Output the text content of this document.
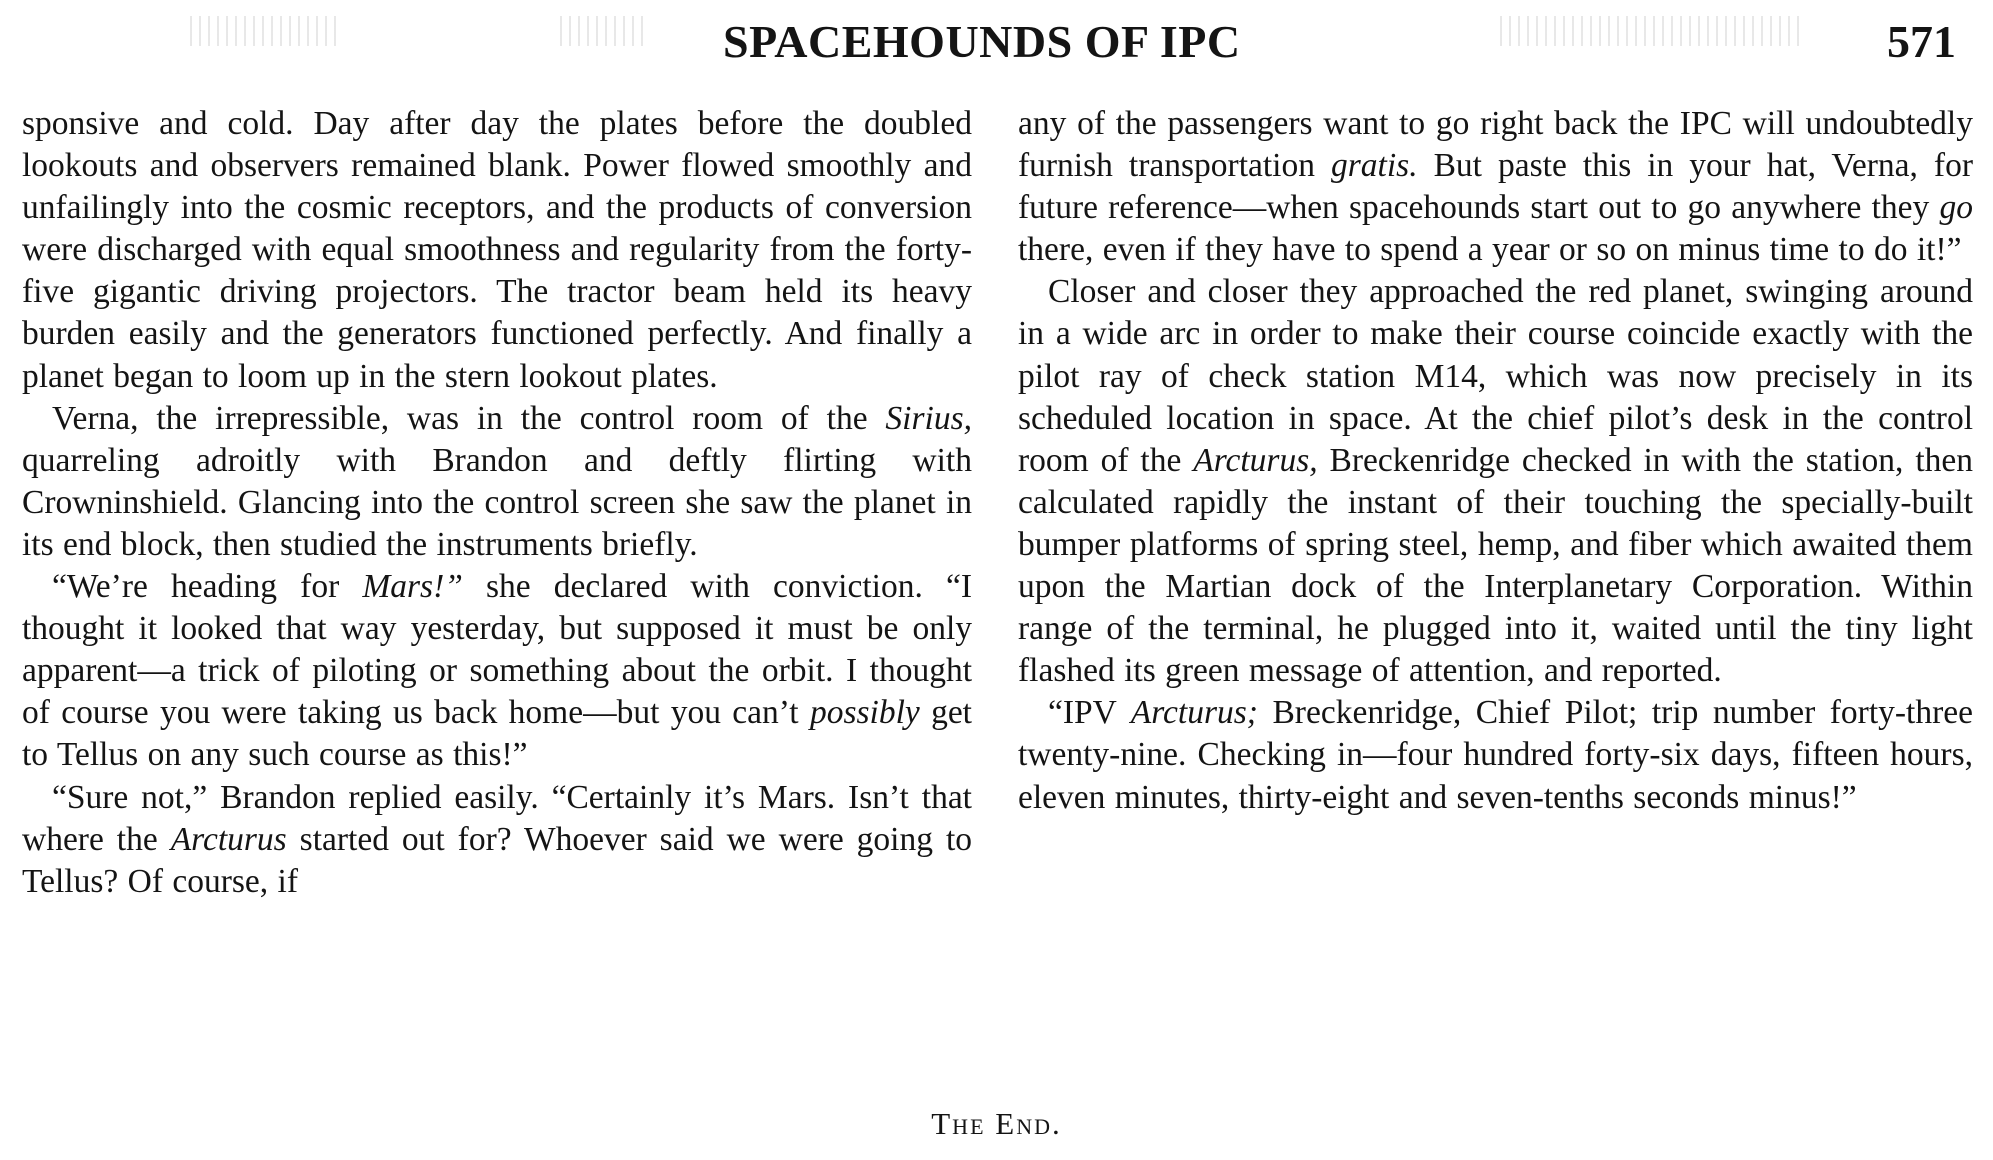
SPACEHOUNDS OF IPC	571

sponsive and cold. Day after day the plates before the doubled lookouts and observers remained blank. Power flowed smoothly and unfailingly into the cosmic receptors, and the products of conversion were discharged with equal smoothness and regularity from the forty-five gigantic driving projectors. The tractor beam held its heavy burden easily and the generators functioned perfectly. And finally a planet began to loom up in the stern lookout plates.

Verna, the irrepressible, was in the control room of the Sirius, quarreling adroitly with Brandon and deftly flirting with Crowninshield. Glancing into the control screen she saw the planet in its end block, then studied the instruments briefly.

“We’re heading for Mars!” she declared with conviction. “I thought it looked that way yesterday, but supposed it must be only apparent—a trick of piloting or something about the orbit. I thought of course you were taking us back home—but you can’t possibly get to Tellus on any such course as this!”

“Sure not,” Brandon replied easily. “Certainly it’s Mars. Isn’t that where the Arcturus started out for? Whoever said we were going to Tellus? Of course, if

any of the passengers want to go right back the IPC will undoubtedly furnish transportation gratis. But paste this in your hat, Verna, for future reference—when spacehounds start out to go anywhere they go there, even if they have to spend a year or so on minus time to do it!”

Closer and closer they approached the red planet, swinging around in a wide arc in order to make their course coincide exactly with the pilot ray of check station M14, which was now precisely in its scheduled location in space. At the chief pilot’s desk in the control room of the Arcturus, Breckenridge checked in with the station, then calculated rapidly the instant of their touching the specially-built bumper platforms of spring steel, hemp, and fiber which awaited them upon the Martian dock of the Interplanetary Corporation. Within range of the terminal, he plugged into it, waited until the tiny light flashed its green message of attention, and reported.

“IPV Arcturus; Breckenridge, Chief Pilot; trip number forty-three twenty-nine. Checking in—four hundred forty-six days, fifteen hours, eleven minutes, thirty-eight and seven-tenths seconds minus!”

The End.
